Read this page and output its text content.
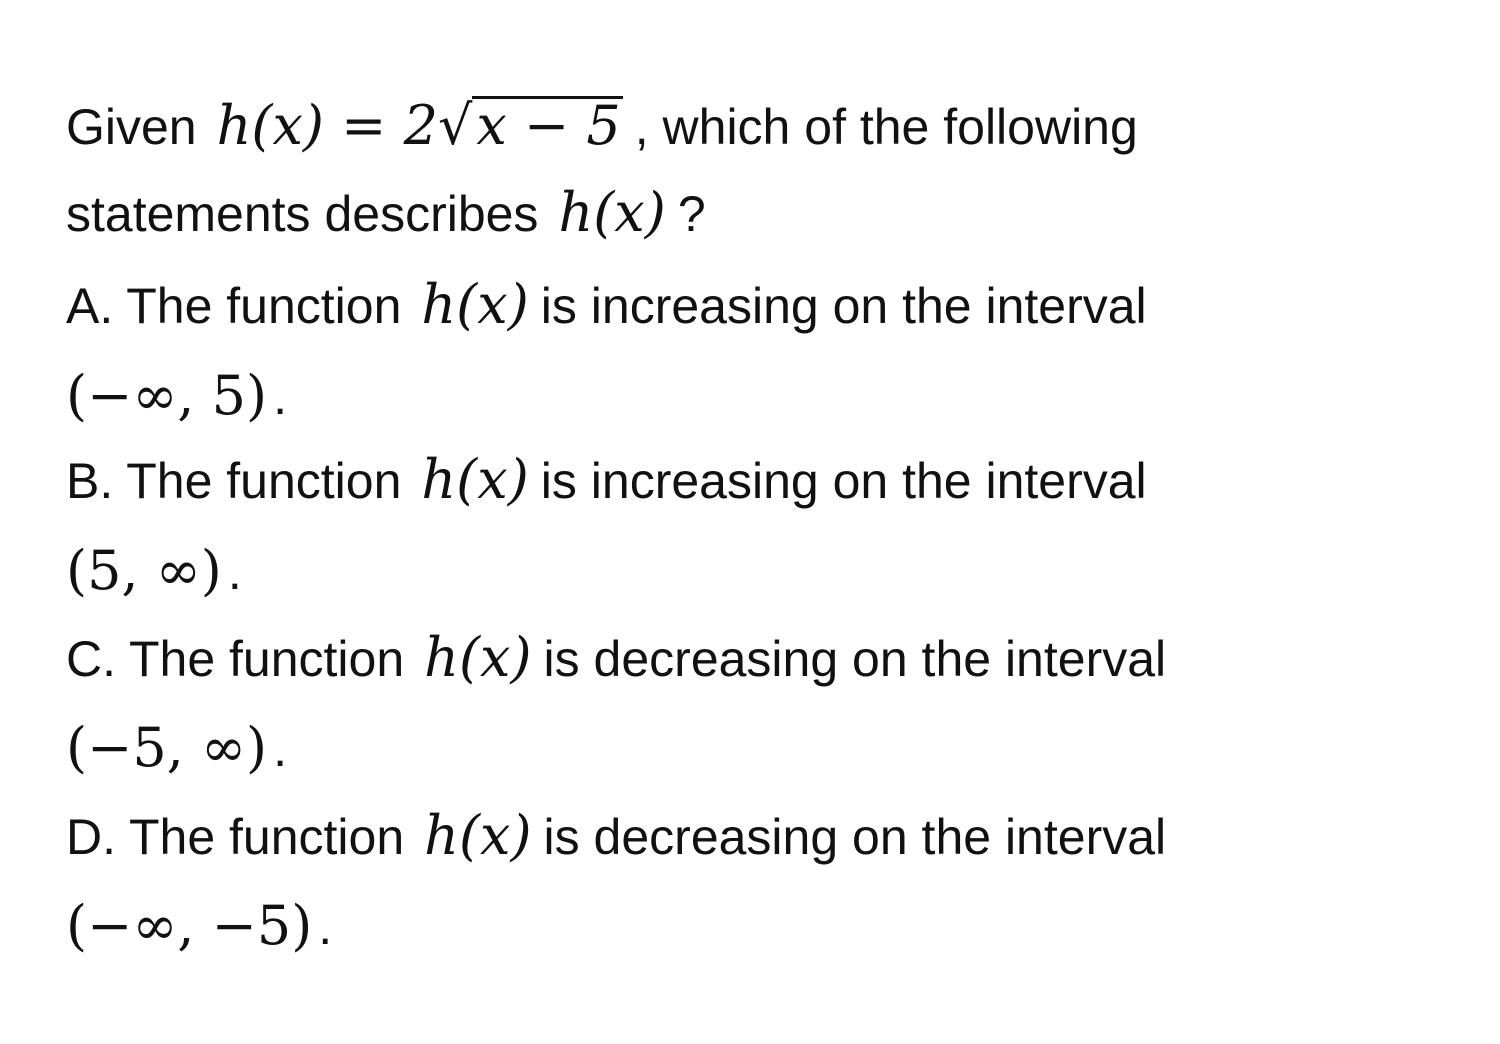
Given h(x) = 2√x − 5 , which of the following
statements describes h(x) ?
A. The function h(x) is increasing on the interval
(−∞, 5) .
B. The function h(x) is increasing on the interval
(5, ∞) .
C. The function h(x) is decreasing on the interval
(−5, ∞) .
D. The function h(x) is decreasing on the interval
(−∞, −5) .
